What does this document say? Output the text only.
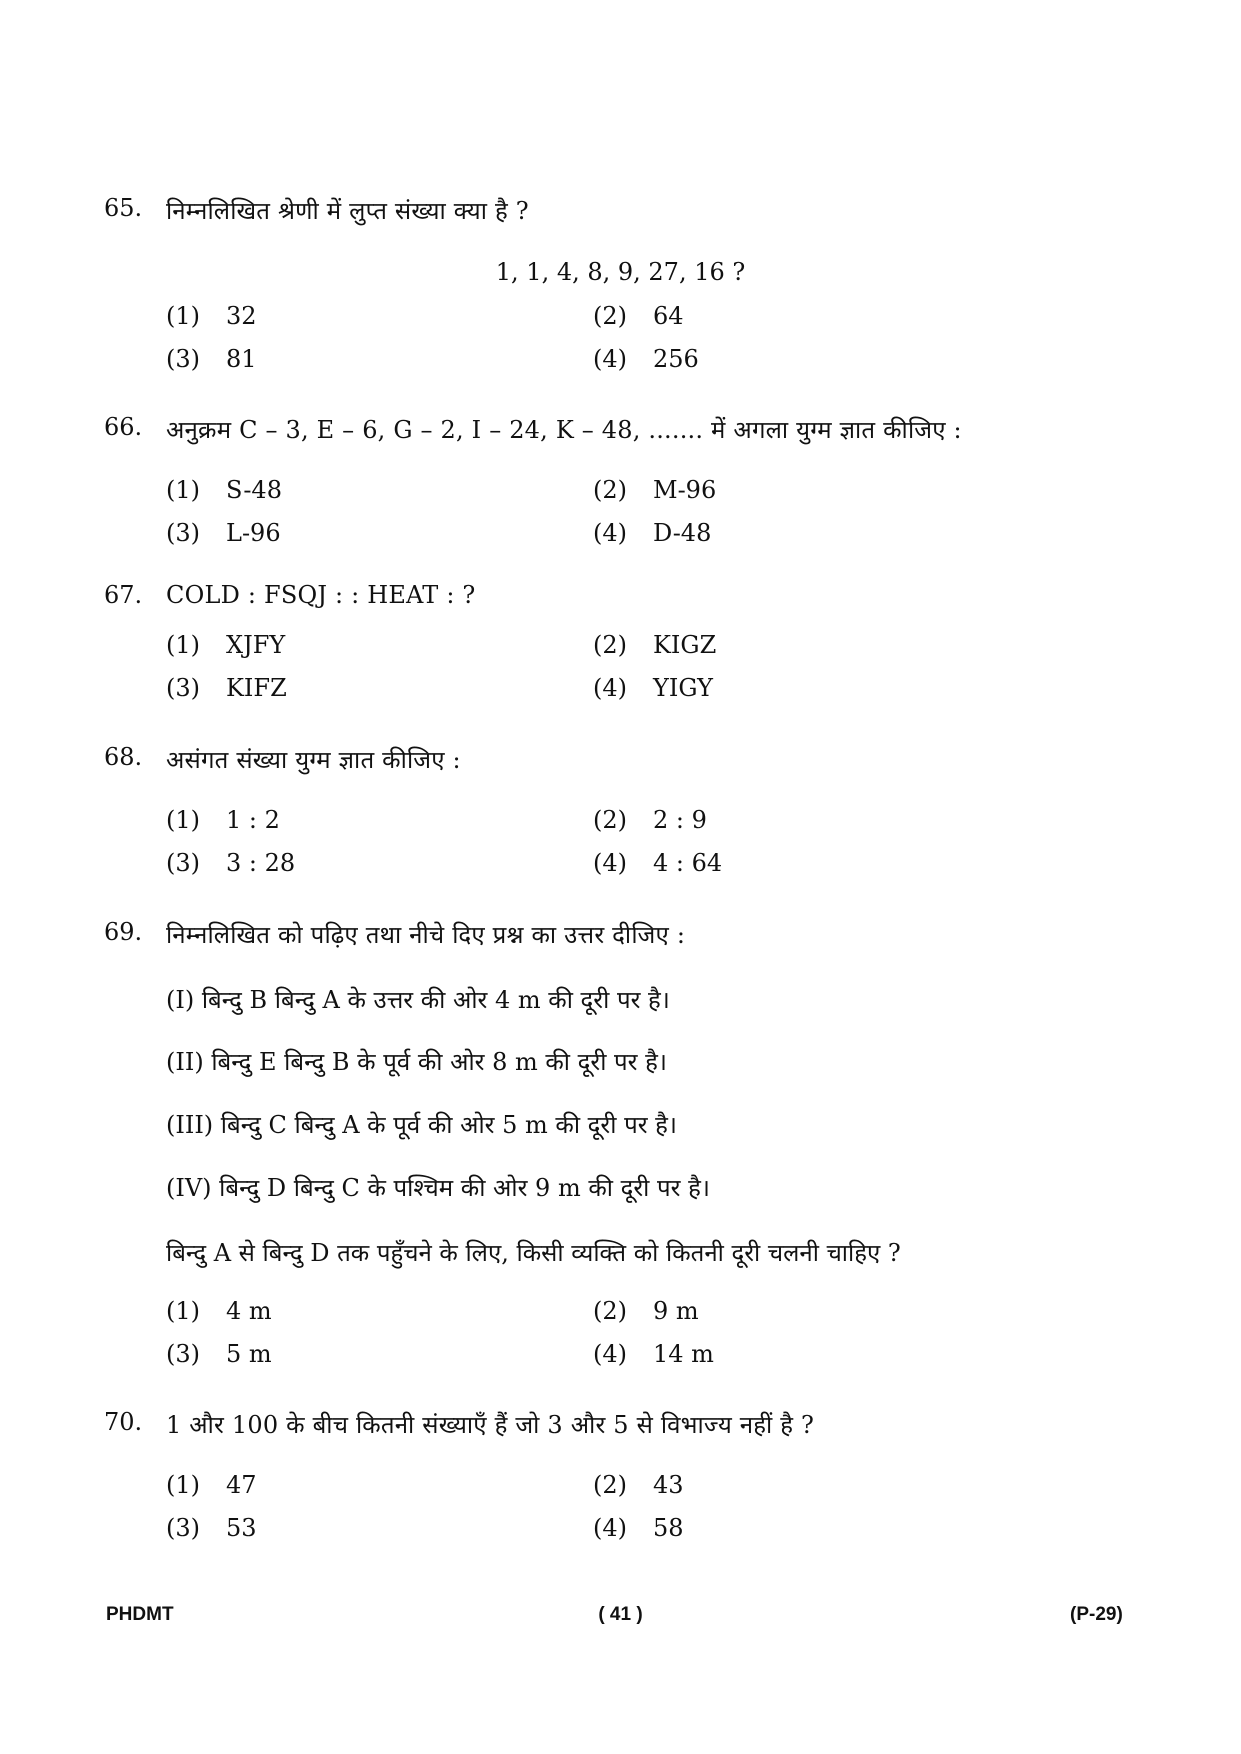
65. निम्नलिखित श्रेणी में लुप्त संख्या क्या है ?
1, 1, 4, 8, 9, 27, 16 ?
(1) 32	(2) 64
(3) 81	(4) 256
66. अनुक्रम C – 3, E – 6, G – 2, I – 24, K – 48, ....... में अगला युग्म ज्ञात कीजिए :
(1) S-48	(2) M-96
(3) L-96	(4) D-48
67. COLD : FSQJ : : HEAT : ?
(1) XJFY	(2) KIGZ
(3) KIFZ	(4) YIGY
68. असंगत संख्या युग्म ज्ञात कीजिए :
(1) 1 : 2	(2) 2 : 9
(3) 3 : 28	(4) 4 : 64
69. निम्नलिखित को पढ़िए तथा नीचे दिए प्रश्न का उत्तर दीजिए :
(I) बिन्दु B बिन्दु A के उत्तर की ओर 4 m की दूरी पर है।
(II) बिन्दु E बिन्दु B के पूर्व की ओर 8 m की दूरी पर है।
(III) बिन्दु C बिन्दु A के पूर्व की ओर 5 m की दूरी पर है।
(IV) बिन्दु D बिन्दु C के पश्चिम की ओर 9 m की दूरी पर है।
बिन्दु A से बिन्दु D तक पहुँचने के लिए, किसी व्यक्ति को कितनी दूरी चलनी चाहिए ?
(1) 4 m	(2) 9 m
(3) 5 m	(4) 14 m
70. 1 और 100 के बीच कितनी संख्याएँ हैं जो 3 और 5 से विभाज्य नहीं है ?
(1) 47	(2) 43
(3) 53	(4) 58
PHDMT	( 41 )	(P-29)
